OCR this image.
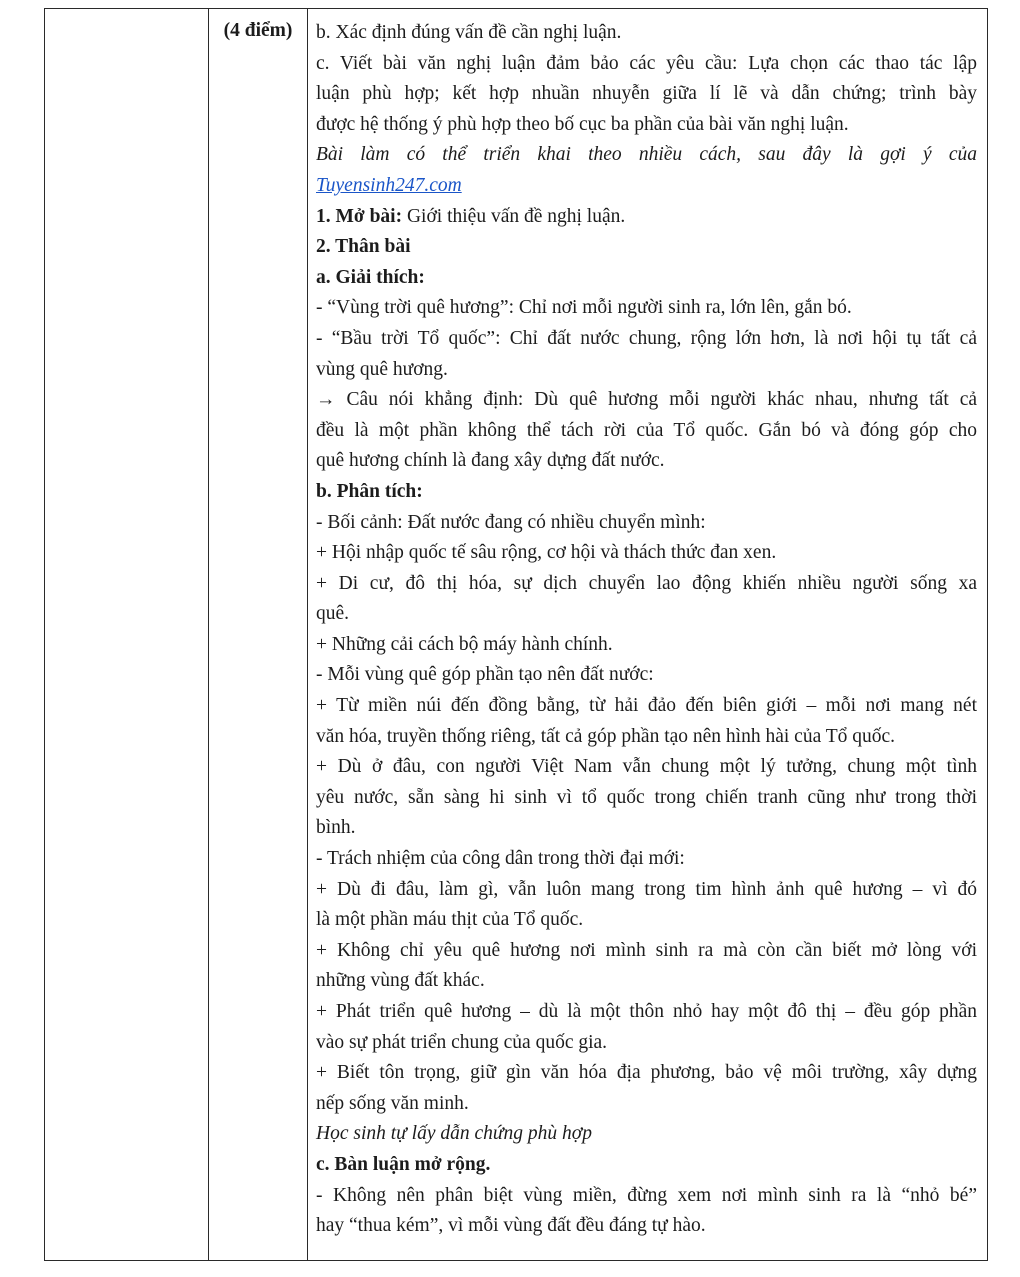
(4 điểm)	b. Xác định đúng vấn đề cần nghị luận.
c. Viết bài văn nghị luận đảm bảo các yêu cầu: Lựa chọn các thao tác lập
luận phù hợp; kết hợp nhuần nhuyễn giữa lí lẽ và dẫn chứng; trình bày
được hệ thống ý phù hợp theo bố cục ba phần của bài văn nghị luận.
Bài làm có thể triển khai theo nhiều cách, sau đây là gợi ý của
Tuyensinh247.com
1. Mở bài: Giới thiệu vấn đề nghị luận.
2. Thân bài
a. Giải thích:
- “Vùng trời quê hương”: Chỉ nơi mỗi người sinh ra, lớn lên, gắn bó.
- “Bầu trời Tổ quốc”: Chỉ đất nước chung, rộng lớn hơn, là nơi hội tụ tất cả
vùng quê hương.
→ Câu nói khẳng định: Dù quê hương mỗi người khác nhau, nhưng tất cả
đều là một phần không thể tách rời của Tổ quốc. Gắn bó và đóng góp cho
quê hương chính là đang xây dựng đất nước.
b. Phân tích:
- Bối cảnh: Đất nước đang có nhiều chuyển mình:
+ Hội nhập quốc tế sâu rộng, cơ hội và thách thức đan xen.
+ Di cư, đô thị hóa, sự dịch chuyển lao động khiến nhiều người sống xa
quê.
+ Những cải cách bộ máy hành chính.
- Mỗi vùng quê góp phần tạo nên đất nước:
+ Từ miền núi đến đồng bằng, từ hải đảo đến biên giới – mỗi nơi mang nét
văn hóa, truyền thống riêng, tất cả góp phần tạo nên hình hài của Tổ quốc.
+ Dù ở đâu, con người Việt Nam vẫn chung một lý tưởng, chung một tình
yêu nước, sẵn sàng hi sinh vì tổ quốc trong chiến tranh cũng như trong thời
bình.
- Trách nhiệm của công dân trong thời đại mới:
+ Dù đi đâu, làm gì, vẫn luôn mang trong tim hình ảnh quê hương – vì đó
là một phần máu thịt của Tổ quốc.
+ Không chỉ yêu quê hương nơi mình sinh ra mà còn cần biết mở lòng với
những vùng đất khác.
+ Phát triển quê hương – dù là một thôn nhỏ hay một đô thị – đều góp phần
vào sự phát triển chung của quốc gia.
+ Biết tôn trọng, giữ gìn văn hóa địa phương, bảo vệ môi trường, xây dựng
nếp sống văn minh.
Học sinh tự lấy dẫn chứng phù hợp
c. Bàn luận mở rộng.
- Không nên phân biệt vùng miền, đừng xem nơi mình sinh ra là “nhỏ bé”
hay “thua kém”, vì mỗi vùng đất đều đáng tự hào.
